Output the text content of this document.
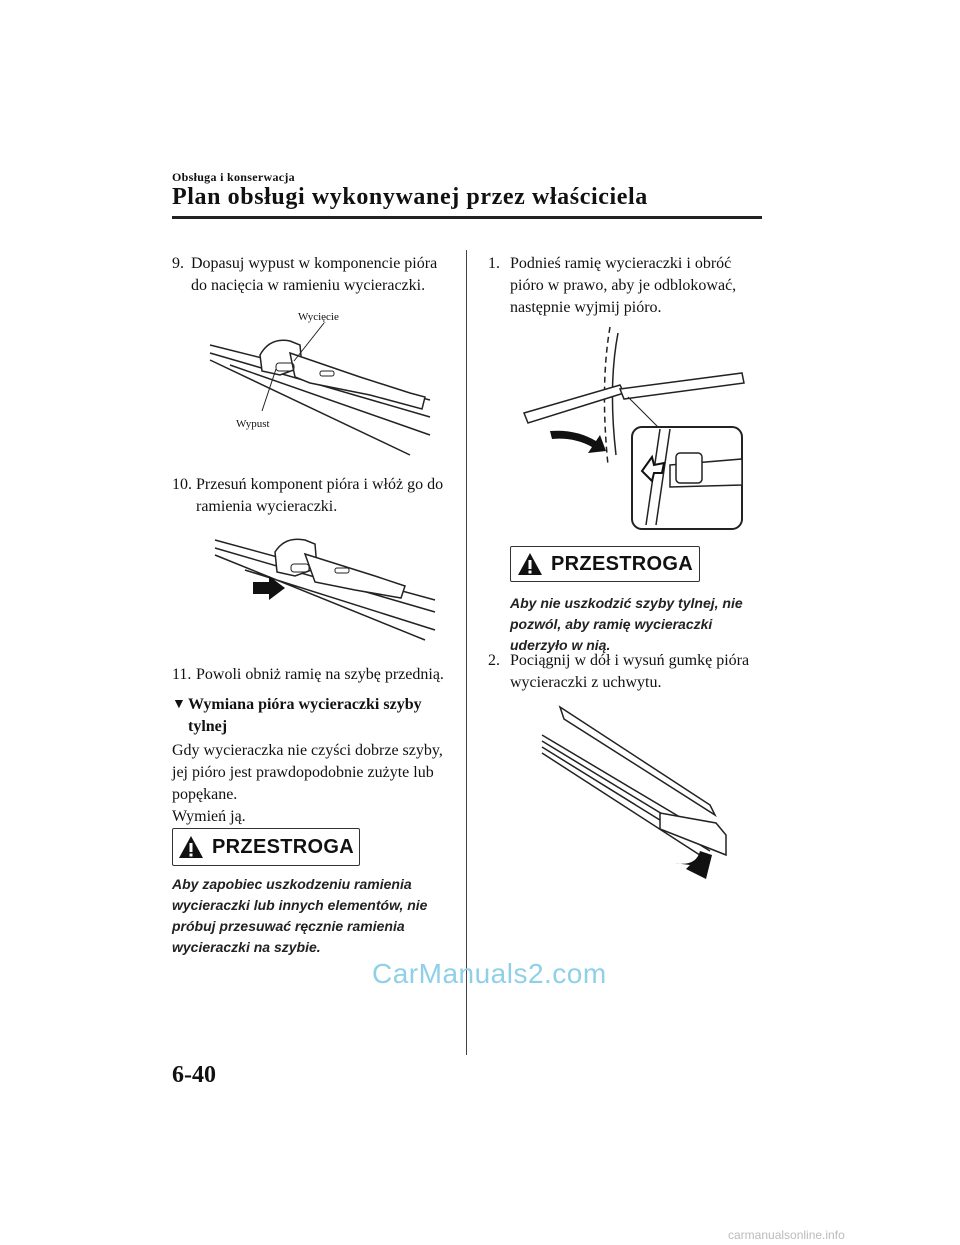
Obsługa i konserwacja
Plan obsługi wykonywanej przez właściciela
9. Dopasuj wypust w komponencie pióra do nacięcia w ramieniu wycieraczki.
Wycięcie
Wypust
10. Przesuń komponent pióra i włóż go do ramienia wycieraczki.
11. Powoli obniż ramię na szybę przednią.
▼ Wymiana pióra wycieraczki szyby tylnej
Gdy wycieraczka nie czyści dobrze szyby, jej pióro jest prawdopodobnie zużyte lub popękane.
Wymień ją.
PRZESTROGA
Aby zapobiec uszkodzeniu ramienia wycieraczki lub innych elementów, nie próbuj przesuwać ręcznie ramienia wycieraczki na szybie.
1. Podnieś ramię wycieraczki i obróć pióro w prawo, aby je odblokować, następnie wyjmij pióro.
PRZESTROGA
Aby nie uszkodzić szyby tylnej, nie pozwól, aby ramię wycieraczki uderzyło w nią.
2. Pociągnij w dół i wysuń gumkę pióra wycieraczki z uchwytu.
CarManuals2.com
6-40
carmanualsonline.info
